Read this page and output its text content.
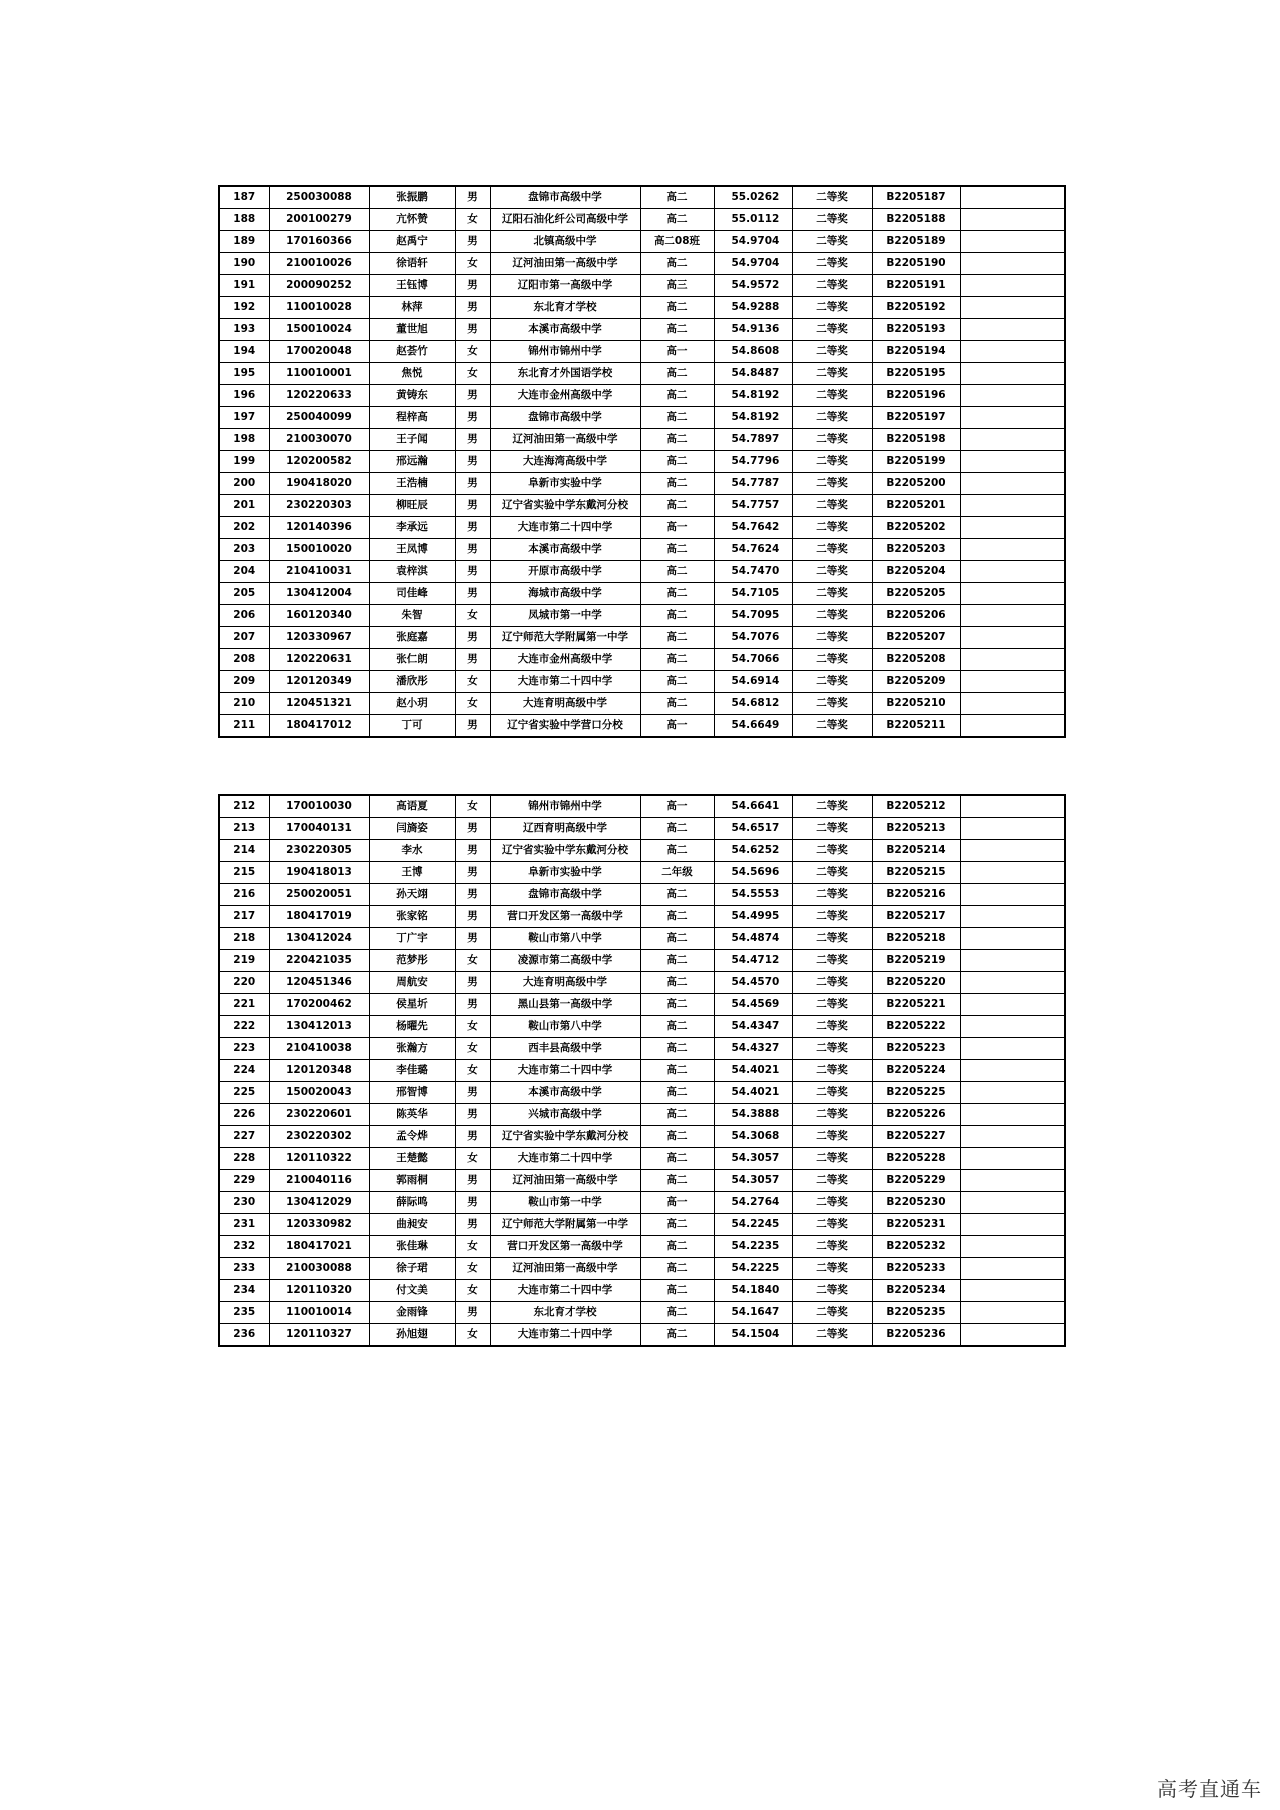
187	250030088	张振鹏	男	盘锦市高级中学	高二	55.0262	二等奖	B2205187	
188	200100279	亢怀赞	女	辽阳石油化纤公司高级中学	高二	55.0112	二等奖	B2205188	
189	170160366	赵禹宁	男	北镇高级中学	高二08班	54.9704	二等奖	B2205189	
190	210010026	徐语轩	女	辽河油田第一高级中学	高二	54.9704	二等奖	B2205190	
191	200090252	王钰博	男	辽阳市第一高级中学	高三	54.9572	二等奖	B2205191	
192	110010028	林萍	男	东北育才学校	高二	54.9288	二等奖	B2205192	
193	150010024	董世旭	男	本溪市高级中学	高二	54.9136	二等奖	B2205193	
194	170020048	赵荟竹	女	锦州市锦州中学	高一	54.8608	二等奖	B2205194	
195	110010001	焦悦	女	东北育才外国语学校	高二	54.8487	二等奖	B2205195	
196	120220633	黄铸东	男	大连市金州高级中学	高二	54.8192	二等奖	B2205196	
197	250040099	程梓高	男	盘锦市高级中学	高二	54.8192	二等奖	B2205197	
198	210030070	王子闻	男	辽河油田第一高级中学	高二	54.7897	二等奖	B2205198	
199	120200582	邢远瀚	男	大连海湾高级中学	高二	54.7796	二等奖	B2205199	
200	190418020	王浩楠	男	阜新市实验中学	高二	54.7787	二等奖	B2205200	
201	230220303	柳旺辰	男	辽宁省实验中学东戴河分校	高二	54.7757	二等奖	B2205201	
202	120140396	李承远	男	大连市第二十四中学	高一	54.7642	二等奖	B2205202	
203	150010020	王凤博	男	本溪市高级中学	高二	54.7624	二等奖	B2205203	
204	210410031	袁梓淇	男	开原市高级中学	高二	54.7470	二等奖	B2205204	
205	130412004	司佳峰	男	海城市高级中学	高二	54.7105	二等奖	B2205205	
206	160120340	朱智	女	凤城市第一中学	高二	54.7095	二等奖	B2205206	
207	120330967	张庭嘉	男	辽宁师范大学附属第一中学	高二	54.7076	二等奖	B2205207	
208	120220631	张仁朗	男	大连市金州高级中学	高二	54.7066	二等奖	B2205208	
209	120120349	潘欣彤	女	大连市第二十四中学	高二	54.6914	二等奖	B2205209	
210	120451321	赵小玥	女	大连育明高级中学	高二	54.6812	二等奖	B2205210	
211	180417012	丁可	男	辽宁省实验中学营口分校	高一	54.6649	二等奖	B2205211	
212	170010030	高语夏	女	锦州市锦州中学	高一	54.6641	二等奖	B2205212	
213	170040131	闫旖姿	男	辽西育明高级中学	高二	54.6517	二等奖	B2205213	
214	230220305	李水	男	辽宁省实验中学东戴河分校	高二	54.6252	二等奖	B2205214	
215	190418013	王博	男	阜新市实验中学	二年级	54.5696	二等奖	B2205215	
216	250020051	孙天翊	男	盘锦市高级中学	高二	54.5553	二等奖	B2205216	
217	180417019	张家铭	男	营口开发区第一高级中学	高二	54.4995	二等奖	B2205217	
218	130412024	丁广宇	男	鞍山市第八中学	高二	54.4874	二等奖	B2205218	
219	220421035	范梦彤	女	凌源市第二高级中学	高二	54.4712	二等奖	B2205219	
220	120451346	周航安	男	大连育明高级中学	高二	54.4570	二等奖	B2205220	
221	170200462	侯星圻	男	黑山县第一高级中学	高二	54.4569	二等奖	B2205221	
222	130412013	杨曜先	女	鞍山市第八中学	高二	54.4347	二等奖	B2205222	
223	210410038	张瀚方	女	西丰县高级中学	高二	54.4327	二等奖	B2205223	
224	120120348	李佳璐	女	大连市第二十四中学	高二	54.4021	二等奖	B2205224	
225	150020043	邢智博	男	本溪市高级中学	高二	54.4021	二等奖	B2205225	
226	230220601	陈英华	男	兴城市高级中学	高二	54.3888	二等奖	B2205226	
227	230220302	孟令烨	男	辽宁省实验中学东戴河分校	高二	54.3068	二等奖	B2205227	
228	120110322	王楚懿	女	大连市第二十四中学	高二	54.3057	二等奖	B2205228	
229	210040116	郭雨桐	男	辽河油田第一高级中学	高二	54.3057	二等奖	B2205229	
230	130412029	薛际鸣	男	鞍山市第一中学	高一	54.2764	二等奖	B2205230	
231	120330982	曲昶安	男	辽宁师范大学附属第一中学	高二	54.2245	二等奖	B2205231	
232	180417021	张佳琳	女	营口开发区第一高级中学	高二	54.2235	二等奖	B2205232	
233	210030088	徐子珺	女	辽河油田第一高级中学	高二	54.2225	二等奖	B2205233	
234	120110320	付文美	女	大连市第二十四中学	高二	54.1840	二等奖	B2205234	
235	110010014	金雨锋	男	东北育才学校	高二	54.1647	二等奖	B2205235	
236	120110327	孙旭翅	女	大连市第二十四中学	高二	54.1504	二等奖	B2205236	
高考直通车
